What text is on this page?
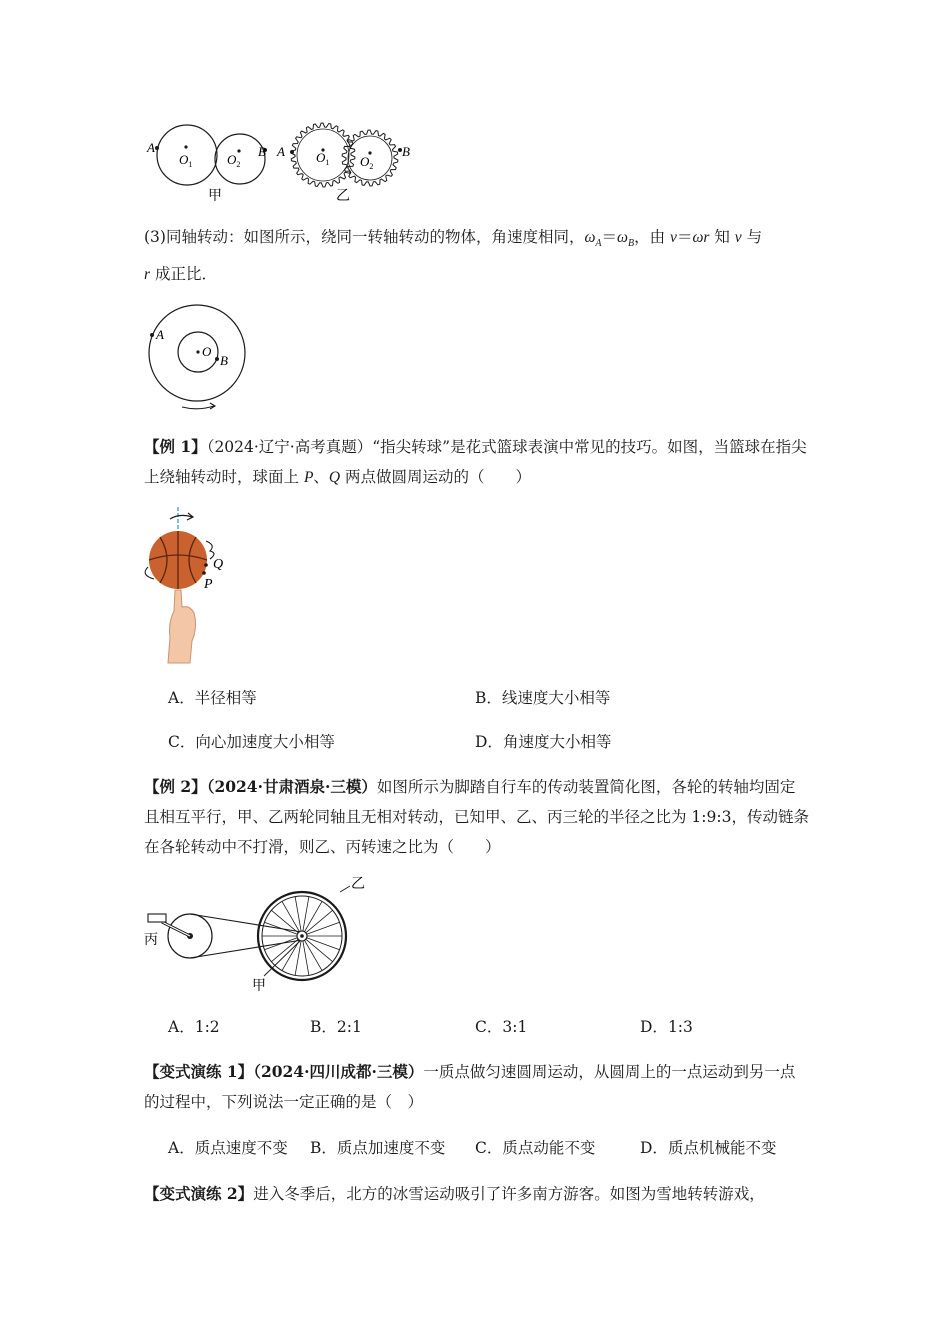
A
$O_1$	$O_2$
B
甲
A $O_1$ $O_2$
B
乙
(3)同轴转动：如图所示，绕同一转轴转动的物体，角速度相同，$\omega_A=\omega_B$，由 v＝ωr 知 v 与
r 成正比．
A
O
B
【例 1】（2024·辽宁·高考真题）“指尖转球”是花式篮球表演中常见的技巧。如图，当篮球在指尖上绕轴转动时，球面上 P、Q 两点做圆周运动的（　　）
Q
P
A．半径相等	B．线速度大小相等
C．向心加速度大小相等	D．角速度大小相等
【例 2】（2024·甘肃酒泉·三模）如图所示为脚踏自行车的传动装置简化图，各轮的转轴均固定且相互平行，甲、乙两轮同轴且无相对转动，已知甲、乙、丙三轮的半径之比为 1:9:3，传动链条在各轮转动中不打滑，则乙、丙转速之比为（　　）
乙
丙
甲
A．1:2	B．2:1	C．3:1	D．1:3
【变式演练 1】（2024·四川成都·三模）一质点做匀速圆周运动，从圆周上的一点运动到另一点的过程中，下列说法一定正确的是（　）
A．质点速度不变 B．质点加速度不变 C．质点动能不变	D．质点机械能不变
【变式演练 2】进入冬季后，北方的冰雪运动吸引了许多南方游客。如图为雪地转转游戏，
